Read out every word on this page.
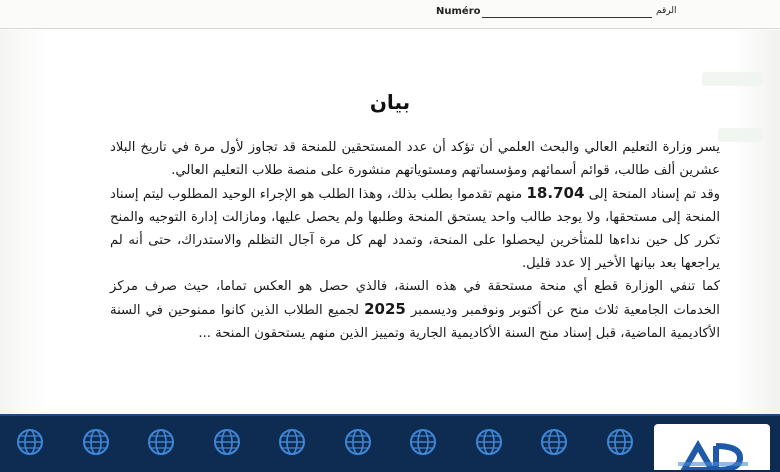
Numéro	الرقم
بيان

يسر وزارة التعليم العالي والبحث العلمي أن تؤكد أن عدد المستحقين للمنحة قد تجاوز لأول مرة في تاريخ البلاد عشرين ألف طالب، قوائم أسمائهم ومؤسساتهم ومستوياتهم منشورة على منصة طلاب التعليم العالي.

وقد تم إسناد المنحة إلى 18.704 منهم تقدموا بطلب بذلك، وهذا الطلب هو الإجراء الوحيد المطلوب ليتم إسناد المنحة إلى مستحقها، ولا يوجد طالب واحد يستحق المنحة وطلبها ولم يحصل عليها، ومازالت إدارة التوجيه والمنح تكرر كل حين نداءها للمتأخرين ليحصلوا على المنحة، وتمدد لهم كل مرة آجال التظلم والاستدراك، حتى أنه لم يراجعها بعد بيانها الأخير إلا عدد قليل.

كما تنفي الوزارة قطع أي منحة مستحقة في هذه السنة، فالذي حصل هو العكس تماما، حيث صرف مركز الخدمات الجامعية ثلاث منح عن أكتوبر ونوفمبر وديسمبر 2025 لجميع الطلاب الذين كانوا ممنوحين في السنة الأكاديمية الماضية، قبل إسناد منح السنة الأكاديمية الجارية وتمييز الذين منهم يستحقون المنحة ...
